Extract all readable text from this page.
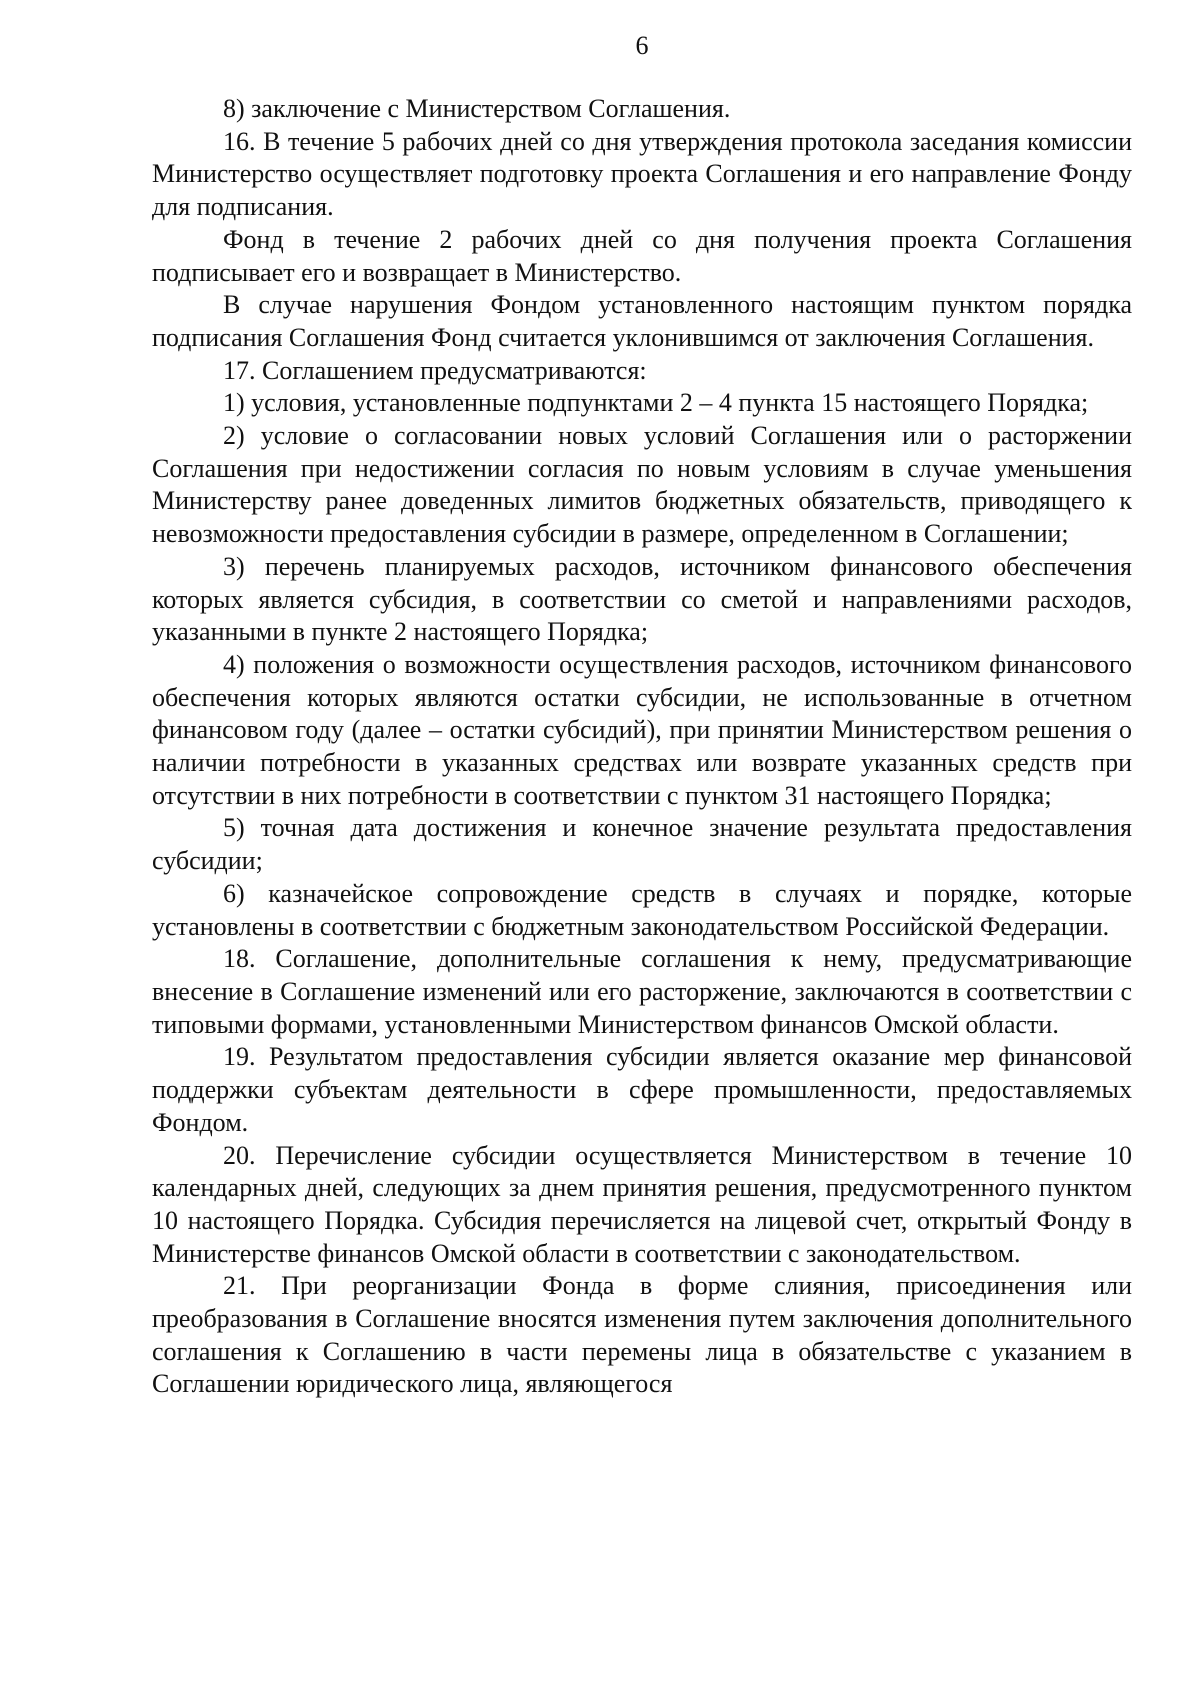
6

8) заключение с Министерством Соглашения.

16. В течение 5 рабочих дней со дня утверждения протокола заседания комиссии Министерство осуществляет подготовку проекта Соглашения и его направление Фонду для подписания.

Фонд в течение 2 рабочих дней со дня получения проекта Соглашения подписывает его и возвращает в Министерство.

В случае нарушения Фондом установленного настоящим пунктом порядка подписания Соглашения Фонд считается уклонившимся от заключения Соглашения.

17. Соглашением предусматриваются:

1) условия, установленные подпунктами 2 – 4 пункта 15 настоящего Порядка;

2) условие о согласовании новых условий Соглашения или о расторжении Соглашения при недостижении согласия по новым условиям в случае уменьшения Министерству ранее доведенных лимитов бюджетных обязательств, приводящего к невозможности предоставления субсидии в размере, определенном в Соглашении;

3) перечень планируемых расходов, источником финансового обеспечения которых является субсидия, в соответствии со сметой и направлениями расходов, указанными в пункте 2 настоящего Порядка;

4) положения о возможности осуществления расходов, источником финансового обеспечения которых являются остатки субсидии, не использованные в отчетном финансовом году (далее – остатки субсидий), при принятии Министерством решения о наличии потребности в указанных средствах или возврате указанных средств при отсутствии в них потребности в соответствии с пунктом 31 настоящего Порядка;

5) точная дата достижения и конечное значение результата предоставления субсидии;

6) казначейское сопровождение средств в случаях и порядке, которые установлены в соответствии с бюджетным законодательством Российской Федерации.

18. Соглашение, дополнительные соглашения к нему, предусматривающие внесение в Соглашение изменений или его расторжение, заключаются в соответствии с типовыми формами, установленными Министерством финансов Омской области.

19. Результатом предоставления субсидии является оказание мер финансовой поддержки субъектам деятельности в сфере промышленности, предоставляемых Фондом.

20. Перечисление субсидии осуществляется Министерством в течение 10 календарных дней, следующих за днем принятия решения, предусмотренного пунктом 10 настоящего Порядка. Субсидия перечисляется на лицевой счет, открытый Фонду в Министерстве финансов Омской области в соответствии с законодательством.

21. При реорганизации Фонда в форме слияния, присоединения или преобразования в Соглашение вносятся изменения путем заключения дополнительного соглашения к Соглашению в части перемены лица в обязательстве с указанием в Соглашении юридического лица, являющегося
